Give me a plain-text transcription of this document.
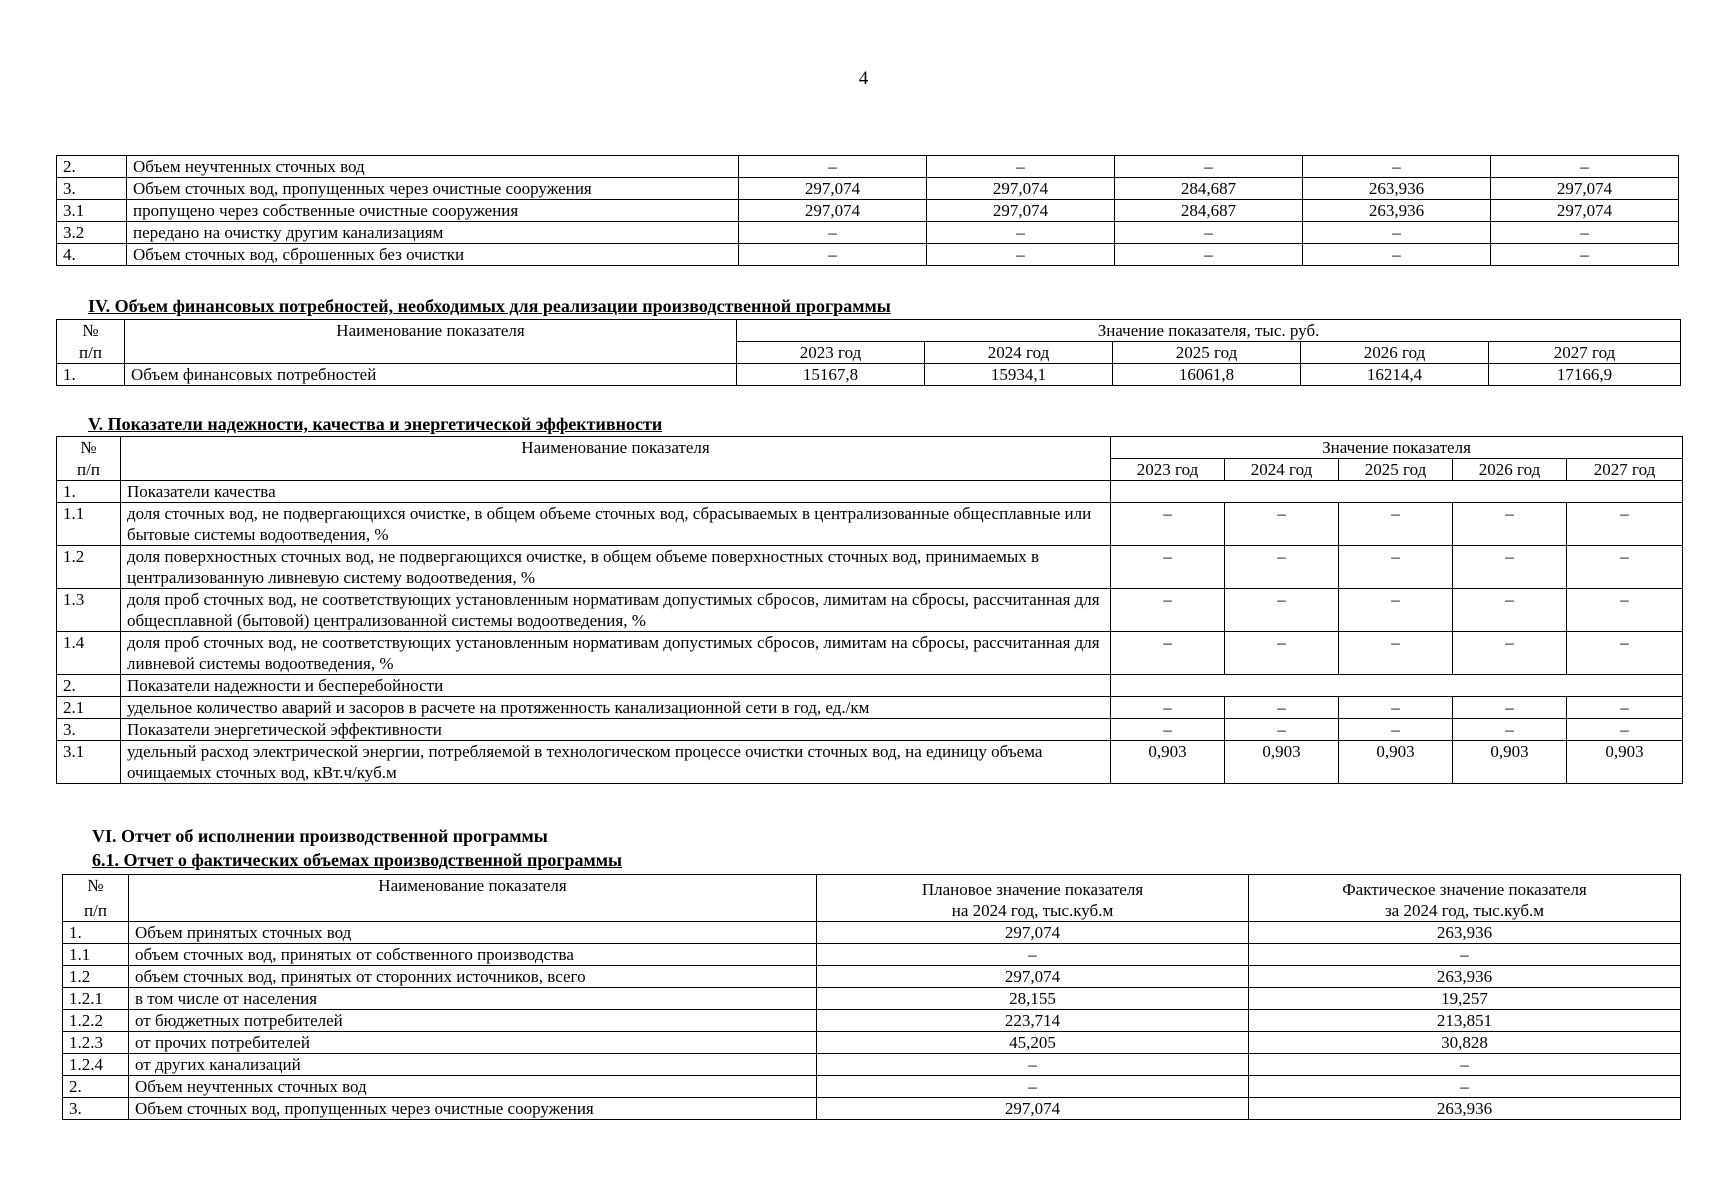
4
2.	Объем неучтенных сточных вод	–	–	–	–	–
3.	Объем сточных вод, пропущенных через очистные сооружения	297,074	297,074	284,687	263,936	297,074
3.1	пропущено через собственные очистные сооружения	297,074	297,074	284,687	263,936	297,074
3.2	передано на очистку другим канализациям	–	–	–	–	–
4.	Объем сточных вод, сброшенных без очистки	–	–	–	–	–
IV. Объем финансовых потребностей, необходимых для реализации производственной программы
№	Наименование показателя	Значение показателя, тыс. руб.				
п/п		2023 год	2024 год	2025 год	2026 год	2027 год
1.	Объем финансовых потребностей	15167,8	15934,1	16061,8	16214,4	17166,9
V. Показатели надежности, качества и энергетической эффективности
№	Наименование показателя	Значение показателя				
п/п		2023 год	2024 год	2025 год	2026 год	2027 год
1.	Показатели качества					
1.1	доля сточных вод, не подвергающихся очистке, в общем объеме сточных вод, сбрасываемых в централизованные общесплавные или бытовые системы водоотведения, %	–	–	–	–	–
1.2	доля поверхностных сточных вод, не подвергающихся очистке, в общем объеме поверхностных сточных вод, принимаемых в централизованную ливневую систему водоотведения, %	–	–	–	–	–
1.3	доля проб сточных вод, не соответствующих установленным нормативам допустимых сбросов, лимитам на сбросы, рассчитанная для общесплавной (бытовой) централизованной системы водоотведения, %	–	–	–	–	–
1.4	доля проб сточных вод, не соответствующих установленным нормативам допустимых сбросов, лимитам на сбросы, рассчитанная для ливневой системы водоотведения, %	–	–	–	–	–
2.	Показатели надежности и бесперебойности					
2.1	удельное количество аварий и засоров в расчете на протяженность канализационной сети в год, ед./км	–	–	–	–	–
3.	Показатели энергетической эффективности	–	–	–	–	–
3.1	удельный расход электрической энергии, потребляемой в технологическом процессе очистки сточных вод, на единицу объема очищаемых сточных вод, кВт.ч/куб.м	0,903	0,903	0,903	0,903	0,903
VI. Отчет об исполнении производственной программы
6.1. Отчет о фактических объемах производственной программы
№	Наименование показателя	Плановое значение показателя	Фактическое значение показателя
п/п		на 2024 год, тыс.куб.м	за 2024 год, тыс.куб.м
1.	Объем принятых сточных вод	297,074	263,936
1.1	объем сточных вод, принятых от собственного производства	–	–
1.2	объем сточных вод, принятых от сторонних источников, всего	297,074	263,936
1.2.1	в том числе от населения	28,155	19,257
1.2.2	от бюджетных потребителей	223,714	213,851
1.2.3	от прочих потребителей	45,205	30,828
1.2.4	от других канализаций	–	–
2.	Объем неучтенных сточных вод	–	–
3.	Объем сточных вод, пропущенных через очистные сооружения	297,074	263,936
